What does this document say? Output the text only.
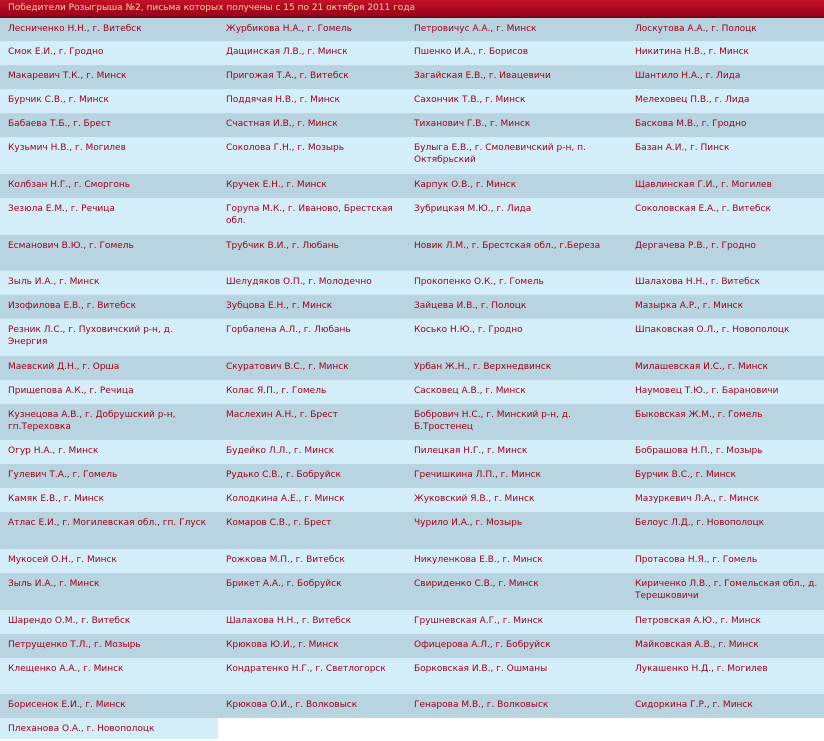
Победители Розыгрыша №2, письма которых получены с 15 по 21 октября 2011 года
Лесниченко Н.Н., г. Витебск	Журбикова Н.А., г. Гомель	Петровичус А.А., г. Минск	Лоскутова А.А., г. Полоцк
Смок Е.И., г. Гродно	Дащинская Л.В., г. Минск	Пшенко И.А., г. Борисов	Никитина Н.В., г. Минск
Макаревич Т.К., г. Минск	Пригожая Т.А., г. Витебск	Загайская Е.В., г. Ивацевичи	Шантило Н.А., г. Лида
Бурчик С.В., г. Минск	Поддячая Н.В., г. Минск	Сахончик Т.В., г. Минск	Мелеховец П.В., г. Лида
Бабаева Т.Б., г. Брест	Счастная И.В., г. Минск	Тиханович Г.В., г. Минск	Баскова М.В., г. Гродно
Кузьмич Н.В., г. Могилев	Соколова Г.Н., г. Мозырь	Булыга Е.В., г. Смолевичский р-н, п. Октябрьский	Базан А.И., г. Пинск
Колбзан Н.Г., г. Сморгонь	Кручек Е.Н., г. Минск	Карпук О.В., г. Минск	Щавлинская Г.И., г. Могилев
Зезюла Е.М., г. Речица	Горупа М.К., г. Иваново, Брестская обл.	Зубрицкая М.Ю., г. Лида	Соколовская Е.А., г. Витебск
Есманович В.Ю., г. Гомель	Трубчик В.И., г. Любань	Новик Л.М., г. Брестская обл., г.Береза	Дергачева Р.В., г. Гродно
Зыль И.А., г. Минск	Шелудяков О.П., г. Молодечно	Прокопенко О.К., г. Гомель	Шалахова Н.Н., г. Витебск
Изофилова Е.В., г. Витебск	Зубцова Е.Н., г. Минск	Зайцева И.В., г. Полоцк	Мазырка А.Р., г. Минск
Резник Л.С., г. Пуховичский р-н, д. Энергия	Горбалена А.Л., г. Любань	Косько Н.Ю., г. Гродно	Шпаковская О.Л., г. Новополоцк
Маевский Д.Н., г. Орша	Скуратович В.С., г. Минск	Урбан Ж.Н., г. Верхнедвинск	Милашевская И.С., г. Минск
Прищепова А.К., г. Речица	Колас Я.П., г. Гомель	Сасковец А.В., г. Минск	Наумовец Т.Ю., г. Барановичи
Кузнецова А.В., г. Добрушский р-н, гп.Тереховка	Маслехин А.Н., г. Брест	Бобрович Н.С., г. Минский р-н, д. Б.Тростенец	Быковская Ж.М., г. Гомель
Огур Н.А., г. Минск	Будейко Л.Л., г. Минск	Пилецкая Н.Г., г. Минск	Бобрашова Н.П., г. Мозырь
Гулевич Т.А., г. Гомель	Рудько С.В., г. Бобруйск	Гречишкина Л.П., г. Минск	Бурчик В.С., г. Минск
Камяк Е.В., г. Минск	Колодкина А.Е., г. Минск	Жуковский Я.В., г. Минск	Мазуркевич Л.А., г. Минск
Атлас Е.И., г. Могилевская обл., гп. Глуск	Комаров С.В., г. Брест	Чурило И.А., г. Мозырь	Белоус Л.Д., г. Новополоцк
Мукосей О.Н., г. Минск	Рожкова М.П., г. Витебск	Никуленкова Е.В., г. Минск	Протасова Н.Я., г. Гомель
Зыль И.А., г. Минск	Брикет А.А., г. Бобруйск	Свириденко С.В., г. Минск	Кириченко Л.В., г. Гомельская обл., д. Терешковичи
Шарендо О.М., г. Витебск	Шалахова Н.Н., г. Витебск	Грушневская А.Г., г. Минск	Петровская А.Ю., г. Минск
Петрущенко Т.Л., г. Мозырь	Крюкова Ю.И., г. Минск	Офицерова А.Л., г. Бобруйск	Майковская А.В., г. Минск
Клещенко А.А., г. Минск	Кондратенко Н.Г., г. Светлогорск	Борковская И.В., г. Ошманы	Лукашенко Н.Д., г. Могилев
Борисенок Е.И., г. Минск	Крюкова О.И., г. Волковыск	Генарова М.В., г. Волковыск	Сидоркина Г.Р., г. Минск
Плеханова О.А., г. Новополоцк			
